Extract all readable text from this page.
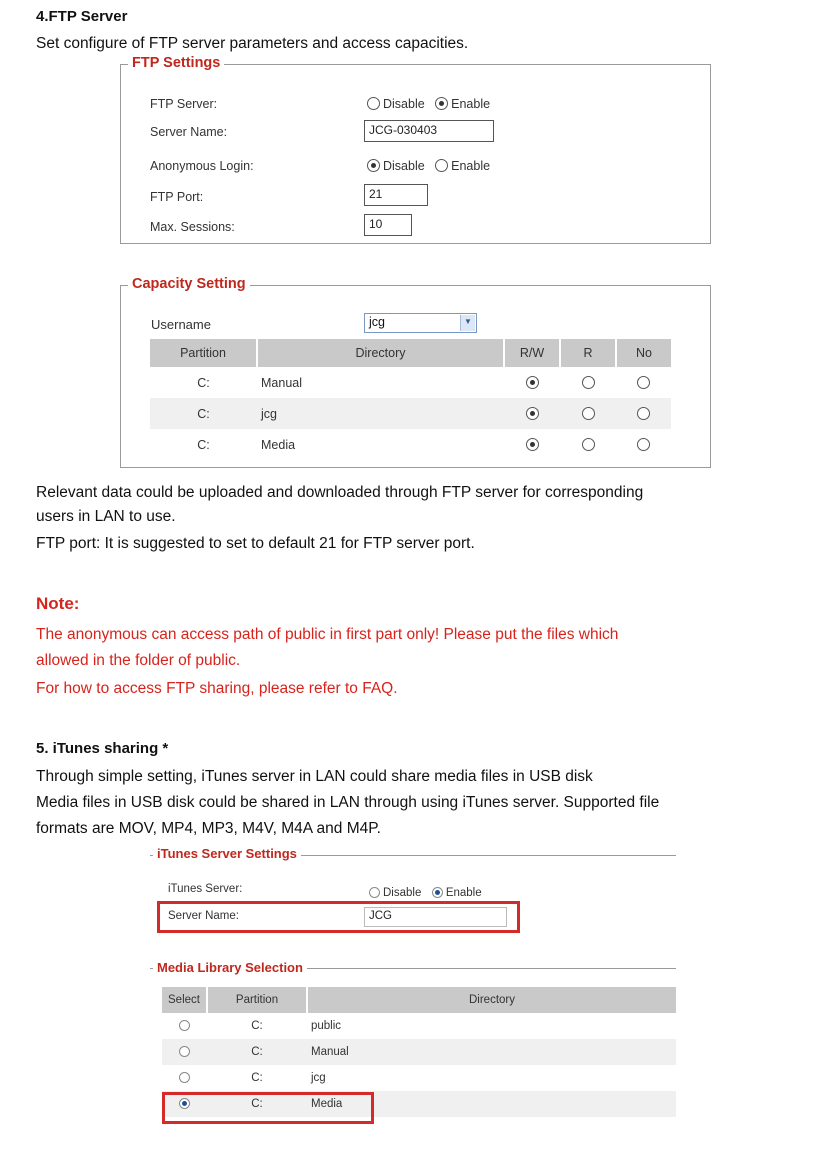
4.FTP Server
Set configure of FTP server parameters and access capacities.
FTP Settings
FTP Server:	Disable Enable
Server Name:	JCG-030403
Anonymous Login:	Disable Enable
FTP Port:	21
Max. Sessions:	10
Capacity Setting
Username	jcg	▼
Partition	Directory	R/W	R	No
C:	Manual			
C:	jcg			
C:	Media			
Relevant data could be uploaded and downloaded through FTP server for corresponding
users in LAN to use.
FTP port: It is suggested to set to default 21 for FTP server port.
Note:
The anonymous can access path of public in first part only! Please put the files which
allowed in the folder of public.
For how to access FTP sharing, please refer to FAQ.
5. iTunes sharing *
Through simple setting, iTunes server in LAN could share media files in USB disk
Media files in USB disk could be shared in LAN through using iTunes server. Supported file
formats are MOV, MP4, MP3, M4V, M4A and M4P.
iTunes Server Settings
iTunes Server:	Disable Enable
Server Name:	JCG
Media Library Selection
Select	Partition	Directory
	C:	public
	C:	Manual
	C:	jcg
	C:	Media
